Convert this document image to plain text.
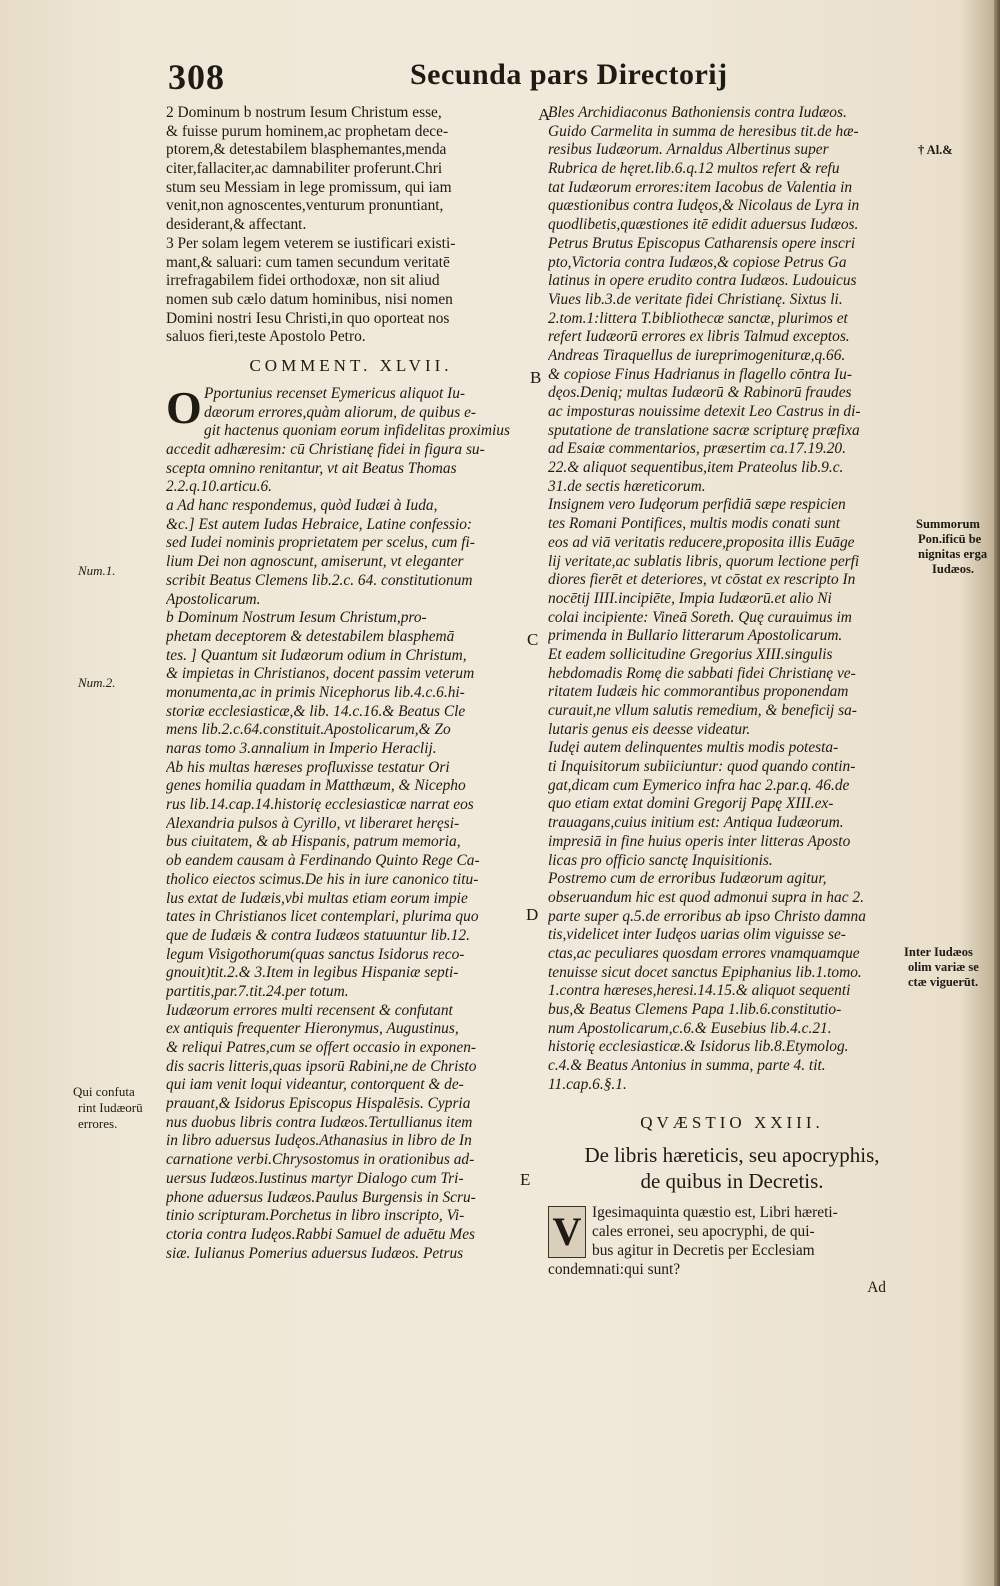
308	Secunda pars Directorij
2 Dominum b nostrum Iesum Christum esse,
& fuisse purum hominem,ac prophetam dece-
ptorem,& detestabilem blasphemantes,menda
citer,fallaciter,ac damnabiliter proferunt.Chri
stum seu Messiam in lege promissum, qui iam
venit,non agnoscentes,venturum pronuntiant,
desiderant,& affectant.
3 Per solam legem veterem se iustificari existi-
mant,& saluari: cum tamen secundum veritatē
irrefragabilem fidei orthodoxæ, non sit aliud
nomen sub cælo datum hominibus, nisi nomen
Domini nostri Iesu Christi,in quo oporteat nos
saluos fieri,teste Apostolo Petro.
COMMENT. XLVII.
O Pportunius recenset Eymericus aliquot Iu-
dæorum errores,quàm aliorum, de quibus e-
git hactenus quoniam eorum infidelitas proximius
accedit adhæresim: cū Christianę fidei in figura su-
scepta omnino renitantur, vt ait Beatus Thomas
2.2.q.10.articu.6.
a Ad hanc respondemus, quòd Iudæi à Iuda,
&c.] Est autem Iudas Hebraice, Latine confessio:
sed Iudei nominis proprietatem per scelus, cum fi-
lium Dei non agnoscunt, amiserunt, vt eleganter
scribit Beatus Clemens lib.2.c. 64. constitutionum
Apostolicarum.
b Dominum Nostrum Iesum Christum,pro-
phetam deceptorem & detestabilem blasphemā
tes. ] Quantum sit Iudæorum odium in Christum,
& impietas in Christianos, docent passim veterum
monumenta,ac in primis Nicephorus lib.4.c.6.hi-
storiæ ecclesiasticæ,& lib. 14.c.16.& Beatus Cle
mens lib.2.c.64.constituit.Apostolicarum,& Zo
naras tomo 3.annalium in Imperio Heraclij.
Ab his multas hæreses profluxisse testatur Ori
genes homilia quadam in Matthæum, & Nicepho
rus lib.14.cap.14.historię ecclesiasticæ narrat eos
Alexandria pulsos à Cyrillo, vt liberaret heręsi-
bus ciuitatem, & ab Hispanis, patrum memoria,
ob eandem causam à Ferdinando Quinto Rege Ca-
tholico eiectos scimus.De his in iure canonico titu-
lus extat de Iudæis,vbi multas etiam eorum impie
tates in Christianos licet contemplari, plurima quo
que de Iudæis & contra Iudæos statuuntur lib.12.
legum Visigothorum(quas sanctus Isidorus reco-
gnouit)tit.2.& 3.Item in legibus Hispaniæ septi-
partitis,par.7.tit.24.per totum.
Iudæorum errores multi recensent & confutant
ex antiquis frequenter Hieronymus, Augustinus,
& reliqui Patres,cum se offert occasio in exponen-
dis sacris litteris,quas ipsorū Rabini,ne de Christo
qui iam venit loqui videantur, contorquent & de-
prauant,& Isidorus Episcopus Hispalēsis. Cypria
nus duobus libris contra Iudæos.Tertullianus item
in libro aduersus Iudęos.Athanasius in libro de In
carnatione verbi.Chrysostomus in orationibus ad-
uersus Iudæos.Iustinus martyr Dialogo cum Tri-
phone aduersus Iudæos.Paulus Burgensis in Scru-
tinio scripturam.Porchetus in libro inscripto, Vi-
ctoria contra Iudęos.Rabbi Samuel de aduētu Mes
siæ. Iulianus Pomerius aduersus Iudæos. Petrus
Bles Archidiaconus Bathoniensis contra Iudæos.
Guido Carmelita in summa de heresibus tit.de hæ-
resibus Iudæorum. Arnaldus Albertinus super
Rubrica de hęret.lib.6.q.12 multos refert & refu
tat Iudæorum errores:item Iacobus de Valentia in
quæstionibus contra Iudęos,& Nicolaus de Lyra in
quodlibetis,quæstiones itē edidit aduersus Iudæos.
Petrus Brutus Episcopus Catharensis opere inscri
pto,Victoria contra Iudæos,& copiose Petrus Ga
latinus in opere erudito contra Iudæos. Ludouicus
Viues lib.3.de veritate fidei Christianę. Sixtus li.
2.tom.1:littera T.bibliothecæ sanctæ, plurimos et
refert Iudæorū errores ex libris Talmud exceptos.
Andreas Tiraquellus de iureprimogenituræ,q.66.
& copiose Finus Hadrianus in flagello cōntra Iu-
dęos.Deniq; multas Iudæorū & Rabinorū fraudes
ac imposturas nouissime detexit Leo Castrus in di-
sputatione de translatione sacræ scripturę præfixa
ad Esaiæ commentarios, præsertim ca.17.19.20.
22.& aliquot sequentibus,item Prateolus lib.9.c.
31.de sectis hæreticorum.
Insignem vero Iudęorum perfidiā sæpe respicien
tes Romani Pontifices, multis modis conati sunt
eos ad viā veritatis reducere,proposita illis Euāge
lij veritate,ac sublatis libris, quorum lectione perfi
diores fierēt et deteriores, vt cōstat ex rescripto In
nocētij IIII.incipiēte, Impia Iudæorū.et alio Ni
colai incipiente: Vineā Soreth. Quę curauimus im
primenda in Bullario litterarum Apostolicarum.
Et eadem sollicitudine Gregorius XIII.singulis
hebdomadis Romę die sabbati fidei Christianę ve-
ritatem Iudæis hic commorantibus proponendam
curauit,ne vllum salutis remedium, & beneficij sa-
lutaris genus eis deesse videatur.
Iudęi autem delinquentes multis modis potesta-
ti Inquisitorum subiiciuntur: quod quando contin-
gat,dicam cum Eymerico infra hac 2.par.q. 46.de
quo etiam extat domini Gregorij Papę XIII.ex-
trauagans,cuius initium est: Antiqua Iudæorum.
impresiā in fine huius operis inter litteras Aposto
licas pro officio sanctę Inquisitionis.
Postremo cum de erroribus Iudæorum agitur,
obseruandum hic est quod admonui supra in hac 2.
parte super q.5.de erroribus ab ipso Christo damna
tis,videlicet inter Iudęos uarias olim viguisse se-
ctas,ac peculiares quosdam errores vnamquamque
tenuisse sicut docet sanctus Epiphanius lib.1.tomo.
1.contra hæreses,heresi.14.15.& aliquot sequenti
bus,& Beatus Clemens Papa 1.lib.6.constitutio-
num Apostolicarum,c.6.& Eusebius lib.4.c.21.
historię ecclesiasticæ.& Isidorus lib.8.Etymolog.
c.4.& Beatus Antonius in summa, parte 4. tit.
11.cap.6.§.1.
QVÆSTIO XXIII.
De libris hæreticis, seu apocryphis,
de quibus in Decretis.
V Igesimaquinta quæstio est, Libri hæreti-
cales erronei, seu apocryphi, de qui-
bus agitur in Decretis per Ecclesiam
condemnati:qui sunt?
Ad
A
B
C
D
E
Num.1.
Num.2.
Qui confuta
rint Iudæorū
errores.
† Al.&
Summorum
Pon.ificū be
nignitas erga
Iudæos.
Inter Iudæos
olim variæ se
ctæ viguerūt.
